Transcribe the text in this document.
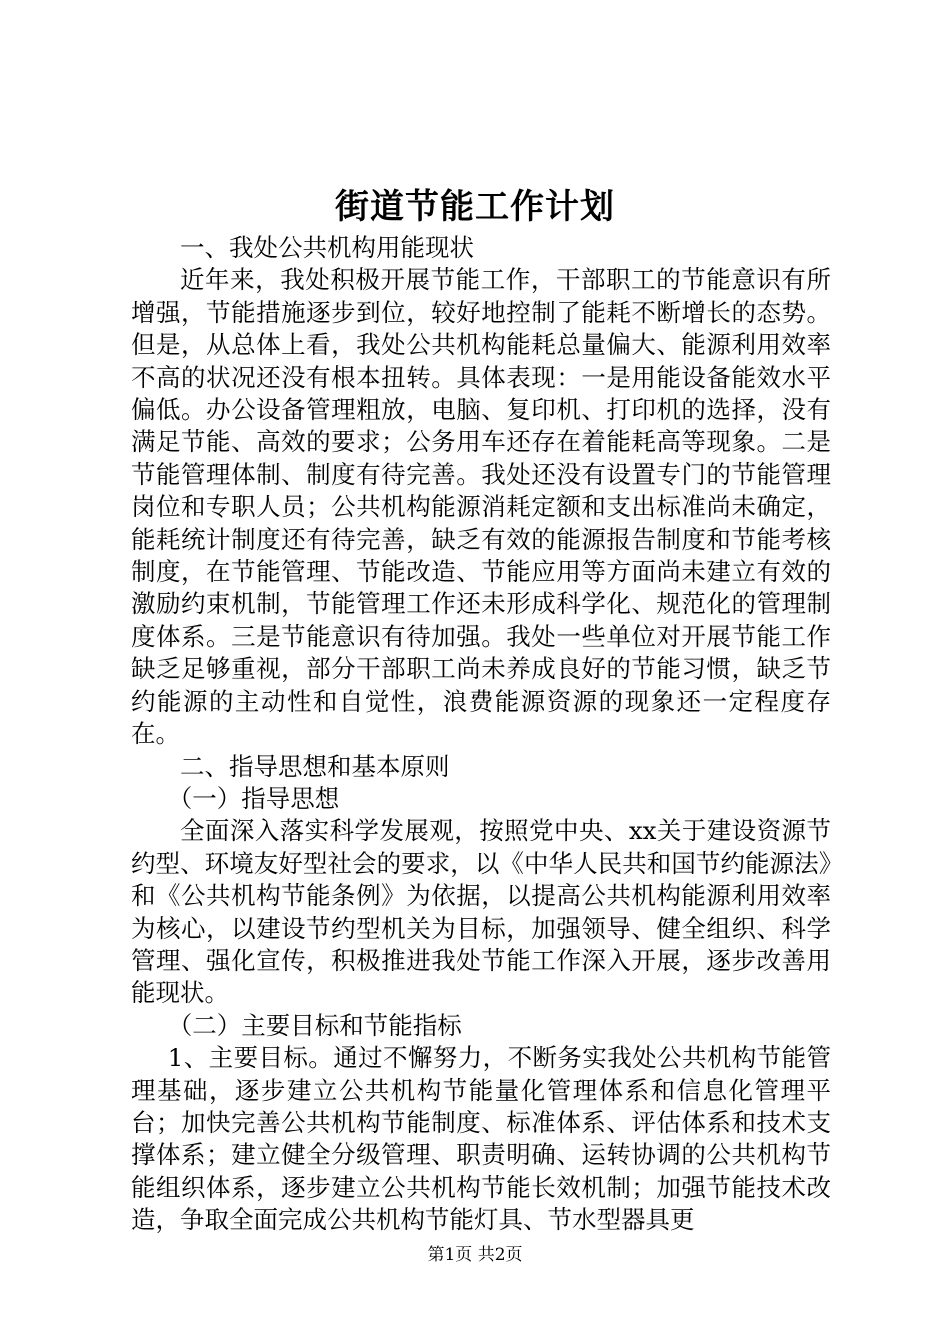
街道节能工作计划

一、我处公共机构用能现状

近年来，我处积极开展节能工作，干部职工的节能意识有所增强，节能措施逐步到位，较好地控制了能耗不断增长的态势。但是，从总体上看，我处公共机构能耗总量偏大、能源利用效率不高的状况还没有根本扭转。具体表现：一是用能设备能效水平偏低。办公设备管理粗放，电脑、复印机、打印机的选择，没有满足节能、高效的要求；公务用车还存在着能耗高等现象。二是节能管理体制、制度有待完善。我处还没有设置专门的节能管理岗位和专职人员；公共机构能源消耗定额和支出标准尚未确定，能耗统计制度还有待完善，缺乏有效的能源报告制度和节能考核制度，在节能管理、节能改造、节能应用等方面尚未建立有效的激励约束机制，节能管理工作还未形成科学化、规范化的管理制度体系。三是节能意识有待加强。我处一些单位对开展节能工作缺乏足够重视，部分干部职工尚未养成良好的节能习惯，缺乏节约能源的主动性和自觉性，浪费能源资源的现象还一定程度存在。

二、指导思想和基本原则

（一）指导思想

全面深入落实科学发展观，按照党中央、xx关于建设资源节约型、环境友好型社会的要求，以《中华人民共和国节约能源法》和《公共机构节能条例》为依据，以提高公共机构能源利用效率为核心，以建设节约型机关为目标，加强领导、健全组织、科学管理、强化宣传，积极推进我处节能工作深入开展，逐步改善用能现状。

（二）主要目标和节能指标

1、主要目标。通过不懈努力，不断务实我处公共机构节能管理基础，逐步建立公共机构节能量化管理体系和信息化管理平台；加快完善公共机构节能制度、标准体系、评估体系和技术支撑体系；建立健全分级管理、职责明确、运转协调的公共机构节能组织体系，逐步建立公共机构节能长效机制；加强节能技术改造，争取全面完成公共机构节能灯具、节水型器具更

第1页 共2页
